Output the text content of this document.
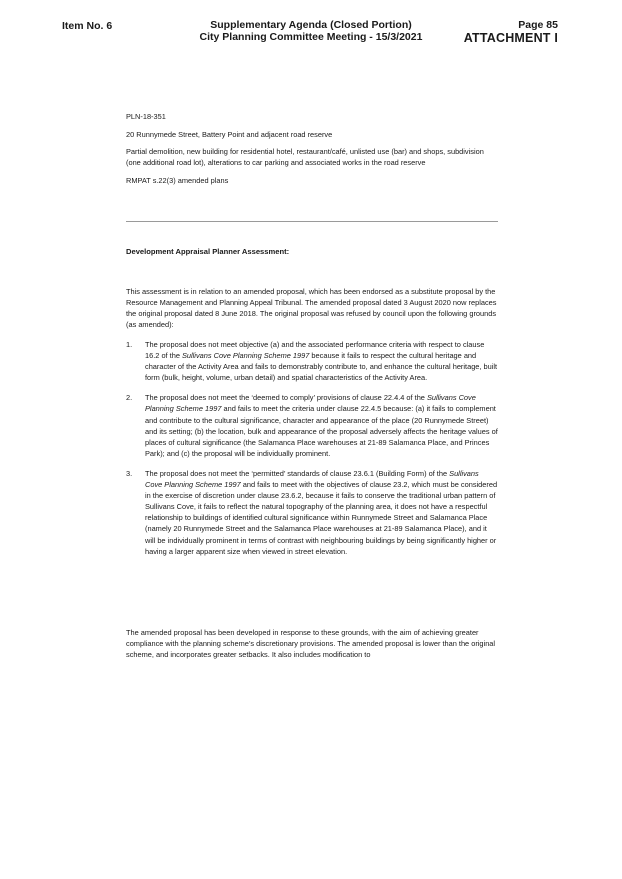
Item No. 6	Supplementary Agenda (Closed Portion)
City Planning Committee Meeting - 15/3/2021
Page 85
ATTACHMENT I

PLN-18-351

20 Runnymede Street, Battery Point and adjacent road reserve

Partial demolition, new building for residential hotel, restaurant/café, unlisted use (bar) and shops, subdivision (one additional road lot), alterations to car parking and associated works in the road reserve

RMPAT s.22(3) amended plans

Development Appraisal Planner Assessment:

This assessment is in relation to an amended proposal, which has been endorsed as a substitute proposal by the Resource Management and Planning Appeal Tribunal. The amended proposal dated 3 August 2020 now replaces the original proposal dated 8 June 2018. The original proposal was refused by council upon the following grounds (as amended):

1. The proposal does not meet objective (a) and the associated performance criteria with respect to clause 16.2 of the Sullivans Cove Planning Scheme 1997 because it fails to respect the cultural heritage and character of the Activity Area and fails to demonstrably contribute to, and enhance the cultural heritage, built form (bulk, height, volume, urban detail) and spatial characteristics of the Activity Area.
2. The proposal does not meet the ‘deemed to comply’ provisions of clause 22.4.4 of the Sullivans Cove Planning Scheme 1997 and fails to meet the criteria under clause 22.4.5 because: (a) it fails to complement and contribute to the cultural significance, character and appearance of the place (20 Runnymede Street) and its setting; (b) the location, bulk and appearance of the proposal adversely affects the heritage values of places of cultural significance (the Salamanca Place warehouses at 21-89 Salamanca Place, and Princes Park); and (c) the proposal will be individually prominent.
3. The proposal does not meet the ‘permitted’ standards of clause 23.6.1 (Building Form) of the Sullivans Cove Planning Scheme 1997 and fails to meet with the objectives of clause 23.2, which must be considered in the exercise of discretion under clause 23.6.2, because it fails to conserve the traditional urban pattern of Sullivans Cove, it fails to reflect the natural topography of the planning area, it does not have a respectful relationship to buildings of identified cultural significance within Runnymede Street and Salamanca Place (namely 20 Runnymede Street and the Salamanca Place warehouses at 21-89 Salamanca Place), and it will be individually prominent in terms of contrast with neighbouring buildings by being significantly higher or having a larger apparent size when viewed in street elevation.

The amended proposal has been developed in response to these grounds, with the aim of achieving greater compliance with the planning scheme’s discretionary provisions. The amended proposal is lower than the original scheme, and incorporates greater setbacks. It also includes modification to
